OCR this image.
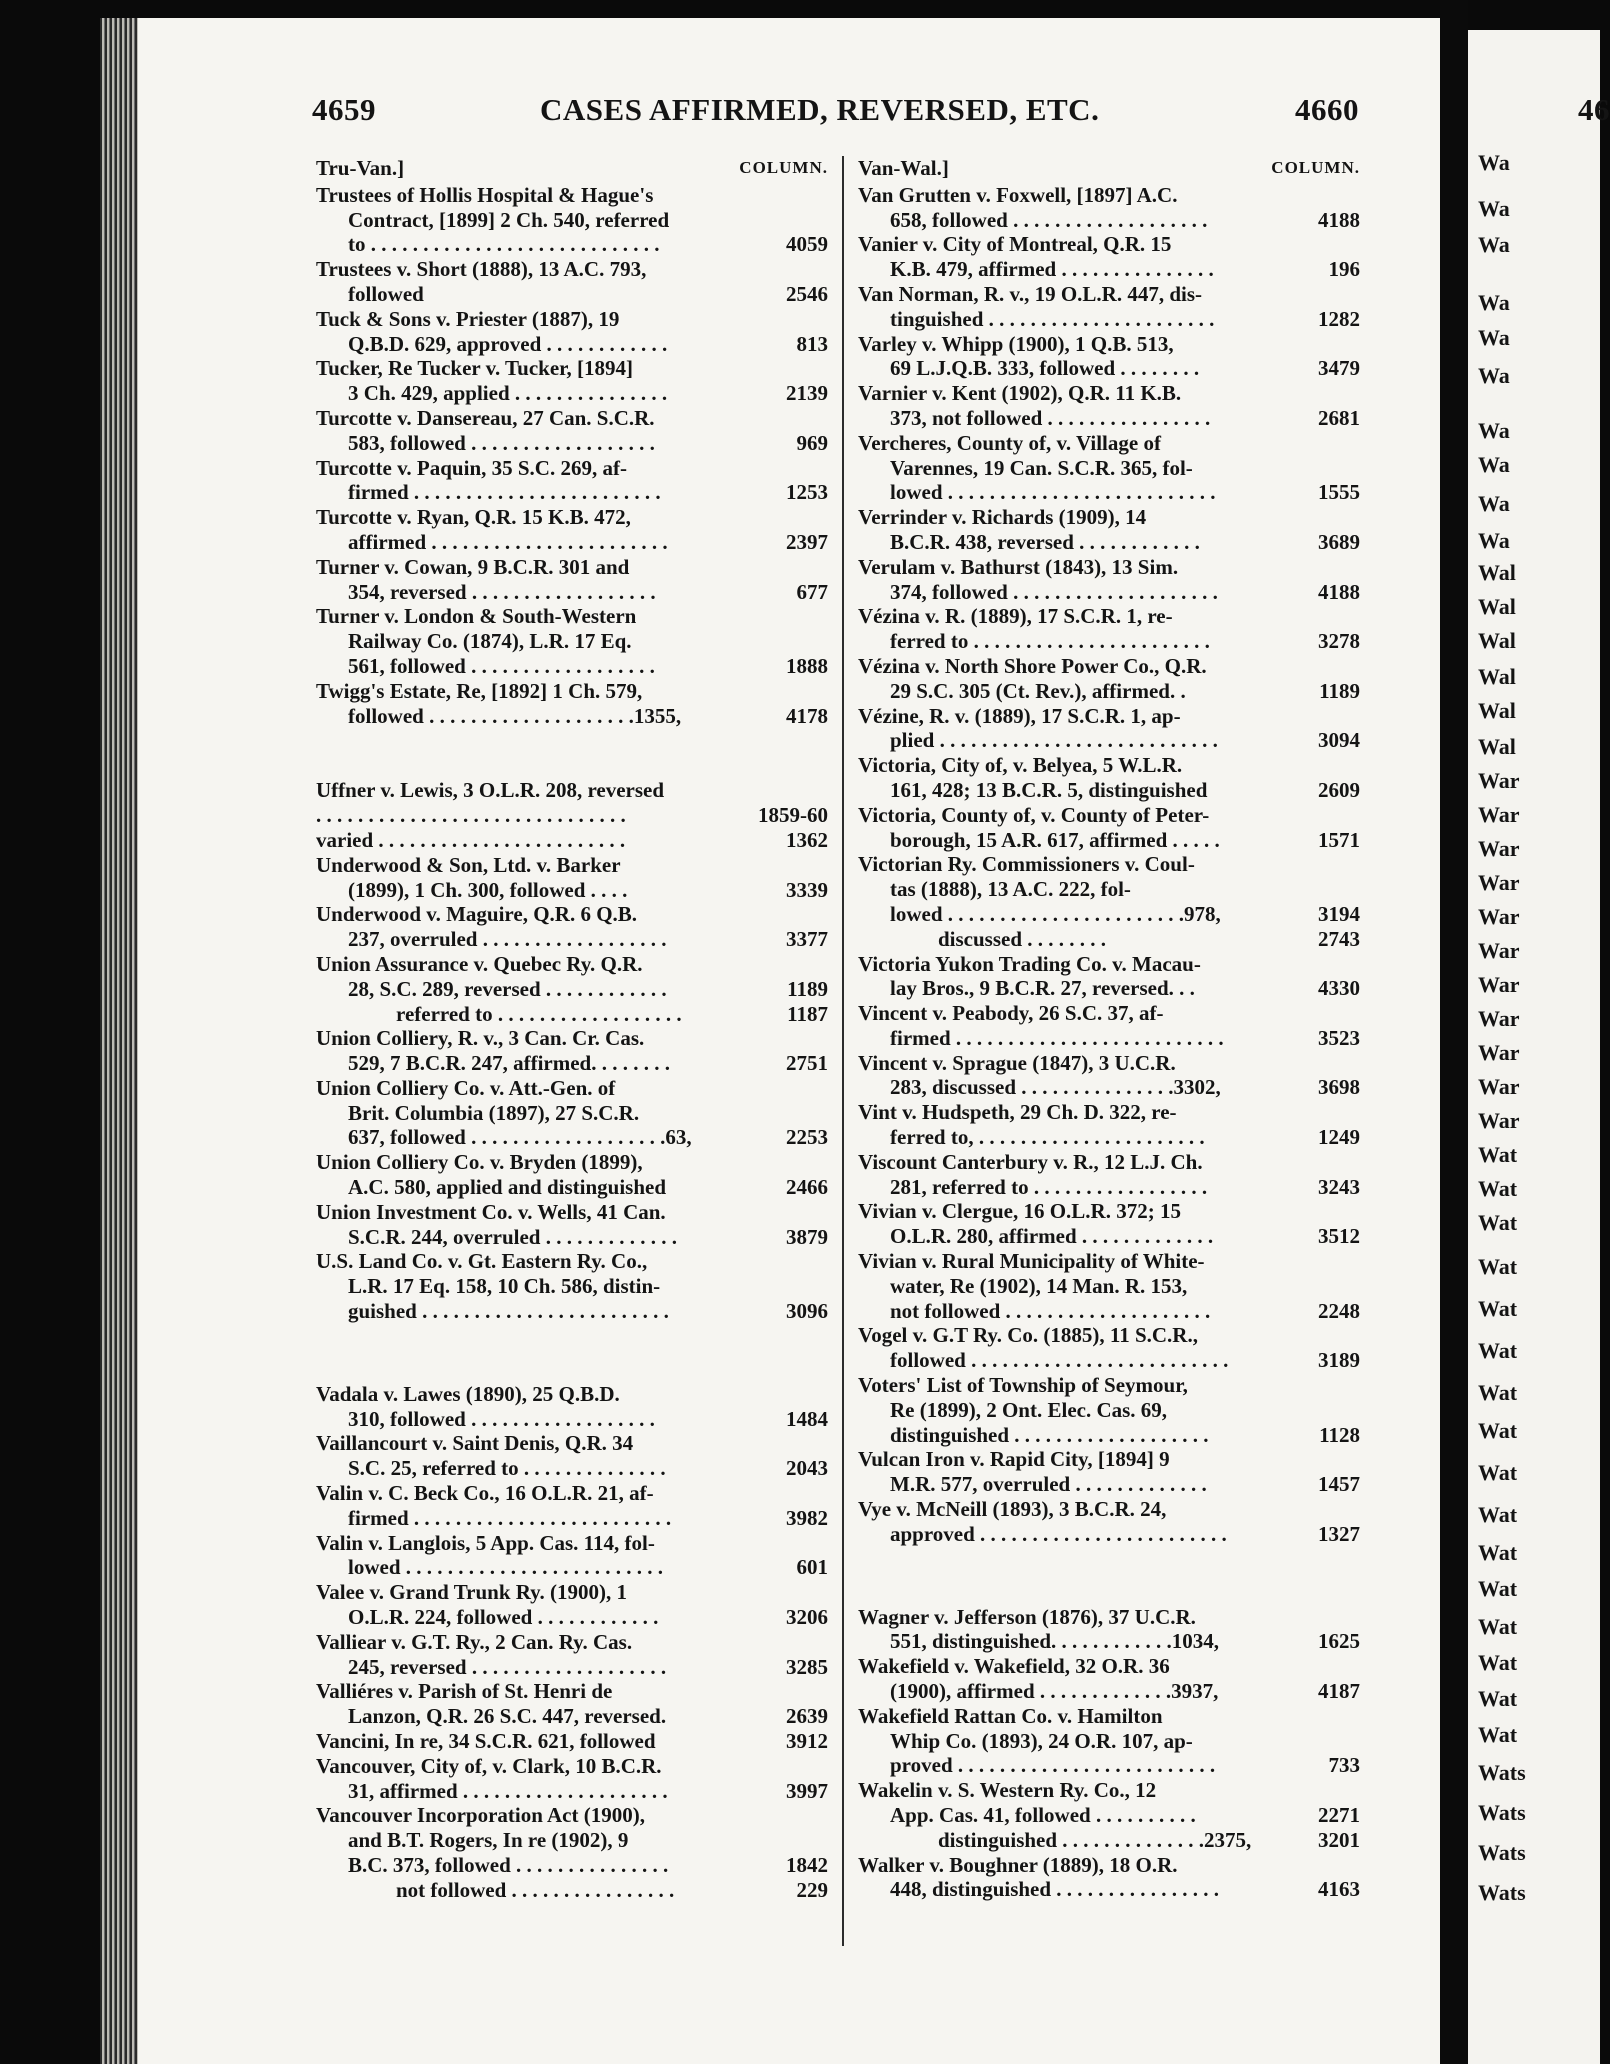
4659	CASES AFFIRMED, REVERSED, ETC.	4660	46
Tru-Van.]	COLUMN.
Trustees of Hollis Hospital & Hague's
Contract, [1899] 2 Ch. 540, referred
to . . . . . . . . . . . . . . . . . . . . . . . . . . . .	4059
Trustees v. Short (1888), 13 A.C. 793,
followed	2546
Tuck & Sons v. Priester (1887), 19
Q.B.D. 629, approved . . . . . . . . . . . .	813
Tucker, Re Tucker v. Tucker, [1894]
3 Ch. 429, applied . . . . . . . . . . . . . . .	2139
Turcotte v. Dansereau, 27 Can. S.C.R.
583, followed . . . . . . . . . . . . . . . . . .	969
Turcotte v. Paquin, 35 S.C. 269, af-
firmed . . . . . . . . . . . . . . . . . . . . . . . .	1253
Turcotte v. Ryan, Q.R. 15 K.B. 472,
affirmed . . . . . . . . . . . . . . . . . . . . . . .	2397
Turner v. Cowan, 9 B.C.R. 301 and
354, reversed . . . . . . . . . . . . . . . . . .	677
Turner v. London & South-Western
Railway Co. (1874), L.R. 17 Eq.
561, followed . . . . . . . . . . . . . . . . . .	1888
Twigg's Estate, Re, [1892] 1 Ch. 579,
followed . . . . . . . . . . . . . . . . . . . .1355,	4178
Uffner v. Lewis, 3 O.L.R. 208, reversed
. . . . . . . . . . . . . . . . . . . . . . . . . . . . . .	1859-60
varied . . . . . . . . . . . . . . . . . . . . . . . .	1362
Underwood & Son, Ltd. v. Barker
(1899), 1 Ch. 300, followed . . . .	3339
Underwood v. Maguire, Q.R. 6 Q.B.
237, overruled . . . . . . . . . . . . . . . . . .	3377
Union Assurance v. Quebec Ry. Q.R.
28, S.C. 289, reversed . . . . . . . . . . . .	1189
referred to . . . . . . . . . . . . . . . . . .	1187
Union Colliery, R. v., 3 Can. Cr. Cas.
529, 7 B.C.R. 247, affirmed. . . . . . . .	2751
Union Colliery Co. v. Att.-Gen. of
Brit. Columbia (1897), 27 S.C.R.
637, followed . . . . . . . . . . . . . . . . . . .63,	2253
Union Colliery Co. v. Bryden (1899),
A.C. 580, applied and distinguished	2466
Union Investment Co. v. Wells, 41 Can.
S.C.R. 244, overruled . . . . . . . . . . . . .	3879
U.S. Land Co. v. Gt. Eastern Ry. Co.,
L.R. 17 Eq. 158, 10 Ch. 586, distin-
guished . . . . . . . . . . . . . . . . . . . . . . . .	3096
Vadala v. Lawes (1890), 25 Q.B.D.
310, followed . . . . . . . . . . . . . . . . . .	1484
Vaillancourt v. Saint Denis, Q.R. 34
S.C. 25, referred to . . . . . . . . . . . . . .	2043
Valin v. C. Beck Co., 16 O.L.R. 21, af-
firmed . . . . . . . . . . . . . . . . . . . . . . . . .	3982
Valin v. Langlois, 5 App. Cas. 114, fol-
lowed . . . . . . . . . . . . . . . . . . . . . . . . .	601
Valee v. Grand Trunk Ry. (1900), 1
O.L.R. 224, followed . . . . . . . . . . . .	3206
Valliear v. G.T. Ry., 2 Can. Ry. Cas.
245, reversed . . . . . . . . . . . . . . . . . . .	3285
Valliéres v. Parish of St. Henri de
Lanzon, Q.R. 26 S.C. 447, reversed.	2639
Vancini, In re, 34 S.C.R. 621, followed	3912
Vancouver, City of, v. Clark, 10 B.C.R.
31, affirmed . . . . . . . . . . . . . . . . . . . .	3997
Vancouver Incorporation Act (1900),
and B.T. Rogers, In re (1902), 9
B.C. 373, followed . . . . . . . . . . . . . . .	1842
not followed . . . . . . . . . . . . . . . .	229
Van-Wal.]	COLUMN.
Van Grutten v. Foxwell, [1897] A.C.
658, followed . . . . . . . . . . . . . . . . . . .	4188
Vanier v. City of Montreal, Q.R. 15
K.B. 479, affirmed . . . . . . . . . . . . . . .	196
Van Norman, R. v., 19 O.L.R. 447, dis-
tinguished . . . . . . . . . . . . . . . . . . . . . .	1282
Varley v. Whipp (1900), 1 Q.B. 513,
69 L.J.Q.B. 333, followed . . . . . . . .	3479
Varnier v. Kent (1902), Q.R. 11 K.B.
373, not followed . . . . . . . . . . . . . . . .	2681
Vercheres, County of, v. Village of
Varennes, 19 Can. S.C.R. 365, fol-
lowed . . . . . . . . . . . . . . . . . . . . . . . . . .	1555
Verrinder v. Richards (1909), 14
B.C.R. 438, reversed . . . . . . . . . . . .	3689
Verulam v. Bathurst (1843), 13 Sim.
374, followed . . . . . . . . . . . . . . . . . . . .	4188
Vézina v. R. (1889), 17 S.C.R. 1, re-
ferred to . . . . . . . . . . . . . . . . . . . . . . .	3278
Vézina v. North Shore Power Co., Q.R.
29 S.C. 305 (Ct. Rev.), affirmed. .	1189
Vézine, R. v. (1889), 17 S.C.R. 1, ap-
plied . . . . . . . . . . . . . . . . . . . . . . . . . . .	3094
Victoria, City of, v. Belyea, 5 W.L.R.
161, 428; 13 B.C.R. 5, distinguished	2609
Victoria, County of, v. County of Peter-
borough, 15 A.R. 617, affirmed . . . . .	1571
Victorian Ry. Commissioners v. Coul-
tas (1888), 13 A.C. 222, fol-
lowed . . . . . . . . . . . . . . . . . . . . . . .978,	3194
discussed . . . . . . . .	2743
Victoria Yukon Trading Co. v. Macau-
lay Bros., 9 B.C.R. 27, reversed. . .	4330
Vincent v. Peabody, 26 S.C. 37, af-
firmed . . . . . . . . . . . . . . . . . . . . . . . . . .	3523
Vincent v. Sprague (1847), 3 U.C.R.
283, discussed . . . . . . . . . . . . . . .3302,	3698
Vint v. Hudspeth, 29 Ch. D. 322, re-
ferred to, . . . . . . . . . . . . . . . . . . . . . .	1249
Viscount Canterbury v. R., 12 L.J. Ch.
281, referred to . . . . . . . . . . . . . . . . .	3243
Vivian v. Clergue, 16 O.L.R. 372; 15
O.L.R. 280, affirmed . . . . . . . . . . . . .	3512
Vivian v. Rural Municipality of White-
water, Re (1902), 14 Man. R. 153,
not followed . . . . . . . . . . . . . . . . . . . .	2248
Vogel v. G.T Ry. Co. (1885), 11 S.C.R.,
followed . . . . . . . . . . . . . . . . . . . . . . . . .	3189
Voters' List of Township of Seymour,
Re (1899), 2 Ont. Elec. Cas. 69,
distinguished . . . . . . . . . . . . . . . . . . .	1128
Vulcan Iron v. Rapid City, [1894] 9
M.R. 577, overruled . . . . . . . . . . . . .	1457
Vye v. McNeill (1893), 3 B.C.R. 24,
approved . . . . . . . . . . . . . . . . . . . . . . . .	1327
Wagner v. Jefferson (1876), 37 U.C.R.
551, distinguished. . . . . . . . . . . .1034,	1625
Wakefield v. Wakefield, 32 O.R. 36
(1900), affirmed . . . . . . . . . . . . .3937,	4187
Wakefield Rattan Co. v. Hamilton
Whip Co. (1893), 24 O.R. 107, ap-
proved . . . . . . . . . . . . . . . . . . . . . . . . .	733
Wakelin v. S. Western Ry. Co., 12
App. Cas. 41, followed . . . . . . . . . .	2271
distinguished . . . . . . . . . . . . . .2375,	3201
Walker v. Boughner (1889), 18 O.R.
448, distinguished . . . . . . . . . . . . . . . .	4163
Wa
Wa
Wa
Wa
Wa
Wa
Wa
Wa
Wa
Wa
Wal
Wal
Wal
Wal
Wal
Wal
War
War
War
War
War
War
War
War
War
War
War
Wat
Wat
Wat
Wat
Wat
Wat
Wat
Wat
Wat
Wat
Wat
Wat
Wat
Wat
Wat
Wat
Wats
Wats
Wats
Wats
